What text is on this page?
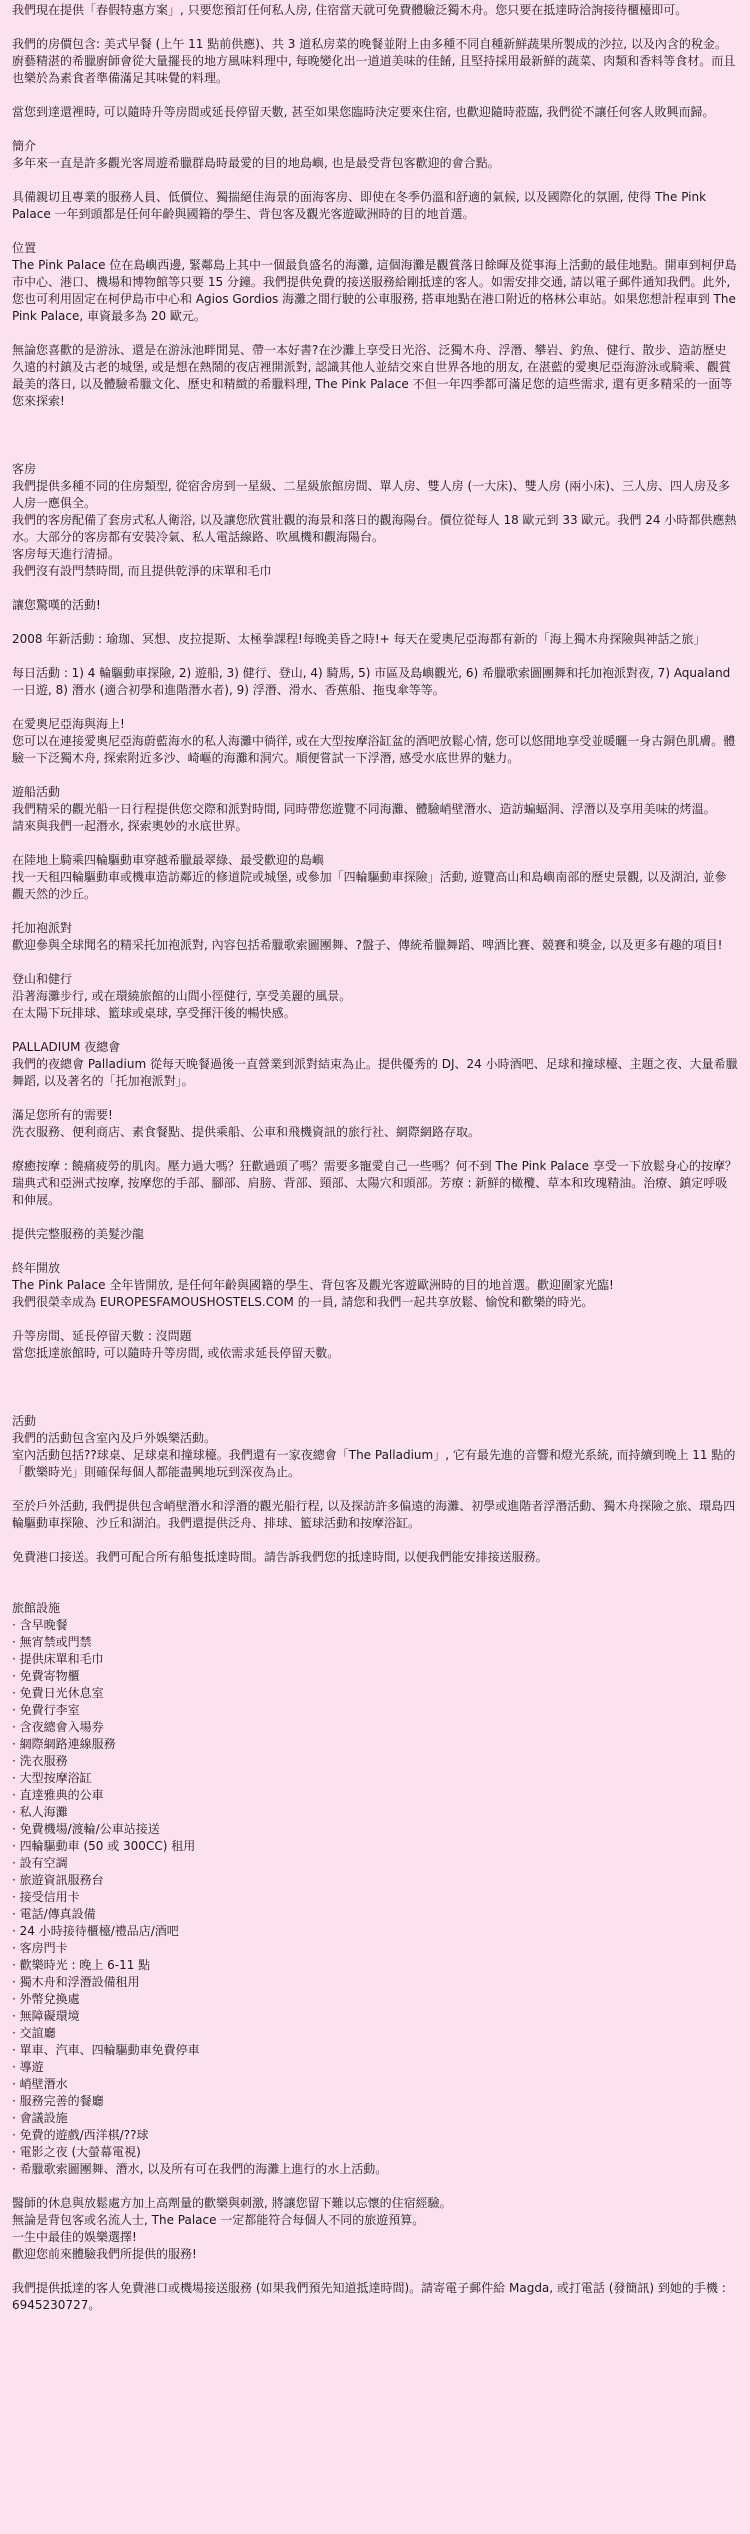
我們現在提供「春假特惠方案」, 只要您預訂任何私人房, 住宿當天就可免費體驗泛獨木舟。您只要在抵達時洽詢接待櫃檯即可。

我們的房價包含: 美式早餐 (上午 11 點前供應)、共 3 道私房菜的晚餐並附上由多種不同自種新鮮蔬果所製成的沙拉, 以及內含的稅金。

廚藝精湛的希臘廚師會從大量擺長的地方風味料理中, 每晚變化出一道道美味的佳餚, 且堅持採用最新鮮的蔬菜、肉類和香料等食材。而且也樂於為素食者準備滿足其味覺的料理。

當您到達還裡時, 可以隨時升等房間或延長停留天數, 甚至如果您臨時決定要來住宿, 也歡迎隨時蒞臨, 我們從不讓任何客人敗興而歸。

簡介

多年來一直是許多觀光客周遊希臘群島時最愛的目的地島嶼, 也是最受背包客歡迎的會合點。

具備親切且專業的服務人員、低價位、獨揣絕佳海景的面海客房、即使在冬季仍溫和舒適的氣候, 以及國際化的氛圍, 使得 The Pink Palace 一年到頭都是任何年齡與國籍的學生、背包客及觀光客遊歐洲時的目的地首選。

位置

The Pink Palace 位在島嶼西邊, 緊鄰島上其中一個最負盛名的海灘, 這個海灘是觀賞落日餘暉及從事海上活動的最佳地點。開車到柯伊島市中心、港口、機場和博物館等只要 15 分鐘。我們提供免費的接送服務給剛抵達的客人。如需安排交通, 請以電子郵件通知我們。此外, 您也可利用固定在柯伊島市中心和 Agios Gordios 海灘之間行駛的公車服務, 搭車地點在港口附近的格林公車站。如果您想計程車到 The Pink Palace, 車資最多為 20 歐元。

無論您喜歡的是游泳、還是在游泳池畔閒晃、帶一本好書?在沙灘上享受日光浴、泛獨木舟、浮潛、攀岩、釣魚、健行、散步、造訪歷史久遠的村鎮及古老的城堡, 或是想在熱鬧的夜店裡開派對, 認識其他人並結交來自世界各地的朋友, 在湛藍的愛奧尼亞海游泳或騎乘、觀賞最美的落日, 以及體驗希臘文化、歷史和精緻的希臘料理, The Pink Palace 不但一年四季都可滿足您的這些需求, 還有更多精采的一面等您來探索!

客房

我們提供多種不同的住房類型, 從宿舍房到一星級、二星級旅館房間、單人房、雙人房 (一大床)、雙人房 (兩小床)、三人房、四人房及多人房一應俱全。

我們的客房配備了套房式私人衛浴, 以及讓您欣賞壯觀的海景和落日的觀海陽台。價位從每人 18 歐元到 33 歐元。我們 24 小時都供應熱水。大部分的客房都有安裝冷氣、私人電話線路、吹風機和觀海陽台。

客房每天進行清掃。

我們沒有設門禁時間, 而且提供乾淨的床單和毛巾

讓您驚嘆的活動!

2008 年新活動 : 瑜珈、冥想、皮拉提斯、太極拳課程!每晚美昏之時!+ 每天在愛奧尼亞海都有新的「海上獨木舟探險與神話之旅」

每日活動 : 1) 4 輪驅動車探險, 2) 遊船, 3) 健行、登山, 4) 騎馬, 5) 市區及島嶼觀光, 6) 希臘歌索圖團舞和托加袍派對夜, 7) Aqualand 一日遊, 8) 潛水 (適合初學和進階潛水者), 9) 浮潛、滑水、香蕉船、拖曳傘等等。

在愛奧尼亞海與海上!

您可以在連接愛奧尼亞海蔚藍海水的私人海灘中徜徉, 或在大型按摩浴缸盆的酒吧放鬆心情, 您可以悠閒地享受並暖曬一身古銅色肌膚。體驗一下泛獨木舟, 探索附近多沙、崎嶇的海灘和洞穴。順便嘗試一下浮潛, 感受水底世界的魅力。

遊船活動

我們精采的觀光船一日行程提供您交際和派對時間, 同時帶您遊覽不同海灘、體驗峭壁潛水、造訪蝙蝠洞、浮潛以及享用美味的烤溫。

請來與我們一起潛水, 探索奧妙的水底世界。

在陸地上騎乘四輪驅動車穿越希臘最翠綠、最受歡迎的島嶼

找一天租四輪驅動車或機車造訪鄰近的修道院或城堡, 或參加「四輪驅動車探險」活動, 遊覽高山和島嶼南部的歷史景觀, 以及湖泊, 並參觀天然的沙丘。

托加袍派對

歡迎參與全球聞名的精采托加袍派對, 內容包括希臘歌索圖團舞、?盤子、傳統希臘舞蹈、啤酒比賽、競賽和獎金, 以及更多有趣的項目!

登山和健行

沿著海灘步行, 或在環繞旅館的山間小徑健行, 享受美麗的風景。

在太陽下玩排球、籃球或桌球, 享受揮汗後的暢快感。

PALLADIUM 夜總會

我們的夜總會 Palladium 從每天晚餐過後一直營業到派對結束為止。提供優秀的 DJ、24 小時酒吧、足球和撞球檯、主題之夜、大量希臘舞蹈, 以及著名的「托加袍派對」。

滿足您所有的需要!

洗衣服務、便利商店、素食餐點、提供乘船、公車和飛機資訊的旅行社、網際網路存取。

療癒按摩 : 饒痛疲勞的肌肉。壓力過大嗎？狂歡過頭了嗎？需要多寵愛自己一些嗎？何不到 The Pink Palace 享受一下放鬆身心的按摩？瑞典式和亞洲式按摩, 按摩您的手部、腳部、肩膀、背部、頸部、太陽穴和頭部。芳療 : 新鮮的橄欖、草本和玫瑰精油。治療、鎮定呼吸和伸展。

提供完整服務的美髮沙龍

終年開放

The Pink Palace 全年皆開放, 是任何年齡與國籍的學生、背包客及觀光客遊歐洲時的目的地首選。歡迎圍家光臨!

我們很榮幸成為 EUROPESFAMOUSHOSTELS.COM 的一員, 請您和我們一起共享放鬆、愉悅和歡樂的時光。

升等房間、延長停留天數 : 沒問題

當您抵達旅館時, 可以隨時升等房間, 或依需求延長停留天數。

活動

我們的活動包含室內及戶外娛樂活動。

室內活動包括??球桌、足球桌和撞球檯。我們還有一家夜總會「The Palladium」, 它有最先進的音響和燈光系統, 而持續到晚上 11 點的「歡樂時光」則確保每個人都能盡興地玩到深夜為止。

至於戶外活動, 我們提供包含峭壁潛水和浮潛的觀光船行程, 以及探訪許多偏遠的海灘、初學或進階者浮潛活動、獨木舟探險之旅、環島四輪驅動車探險、沙丘和湖泊。我們還提供泛舟、排球、籃球活動和按摩浴缸。

免費港口接送。我們可配合所有船隻抵達時間。請告訴我們您的抵達時間, 以便我們能安排接送服務。

旅館設施

· 含早晚餐
· 無宵禁或門禁
· 提供床單和毛巾
· 免費寄物櫃
· 免費日光休息室
· 免費行李室
· 含夜總會入場券
· 網際網路連線服務
· 洗衣服務
· 大型按摩浴缸
· 直達雅典的公車
· 私人海灘
· 免費機場/渡輪/公車站接送
· 四輪驅動車 (50 或 300CC) 租用
· 設有空調
· 旅遊資訊服務台
· 接受信用卡
· 電話/傳真設備
· 24 小時接待櫃檯/禮品店/酒吧
· 客房門卡
· 歡樂時光 : 晚上 6-11 點
· 獨木舟和浮潛設備租用
· 外幣兌換處
· 無障礙環境
· 交誼廳
· 單車、汽車、四輪驅動車免費停車
· 導遊
· 峭壁潛水
· 服務完善的餐廳
· 會議設施
· 免費的遊戲/西洋棋/??球
· 電影之夜 (大螢幕電視)
· 希臘歌索圖團舞、潛水, 以及所有可在我們的海灘上進行的水上活動。

醫師的休息與放鬆處方加上高劑量的歡樂與刺激, 將讓您留下難以忘懷的住宿經驗。

無論是背包客或名流人士, The Palace 一定都能符合每個人不同的旅遊預算。

一生中最佳的娛樂選擇!

歡迎您前來體驗我們所提供的服務!

我們提供抵達的客人免費港口或機場接送服務 (如果我們預先知道抵達時間)。請寄電子郵件給 Magda, 或打電話 (發簡訊) 到她的手機 : 6945230727。
